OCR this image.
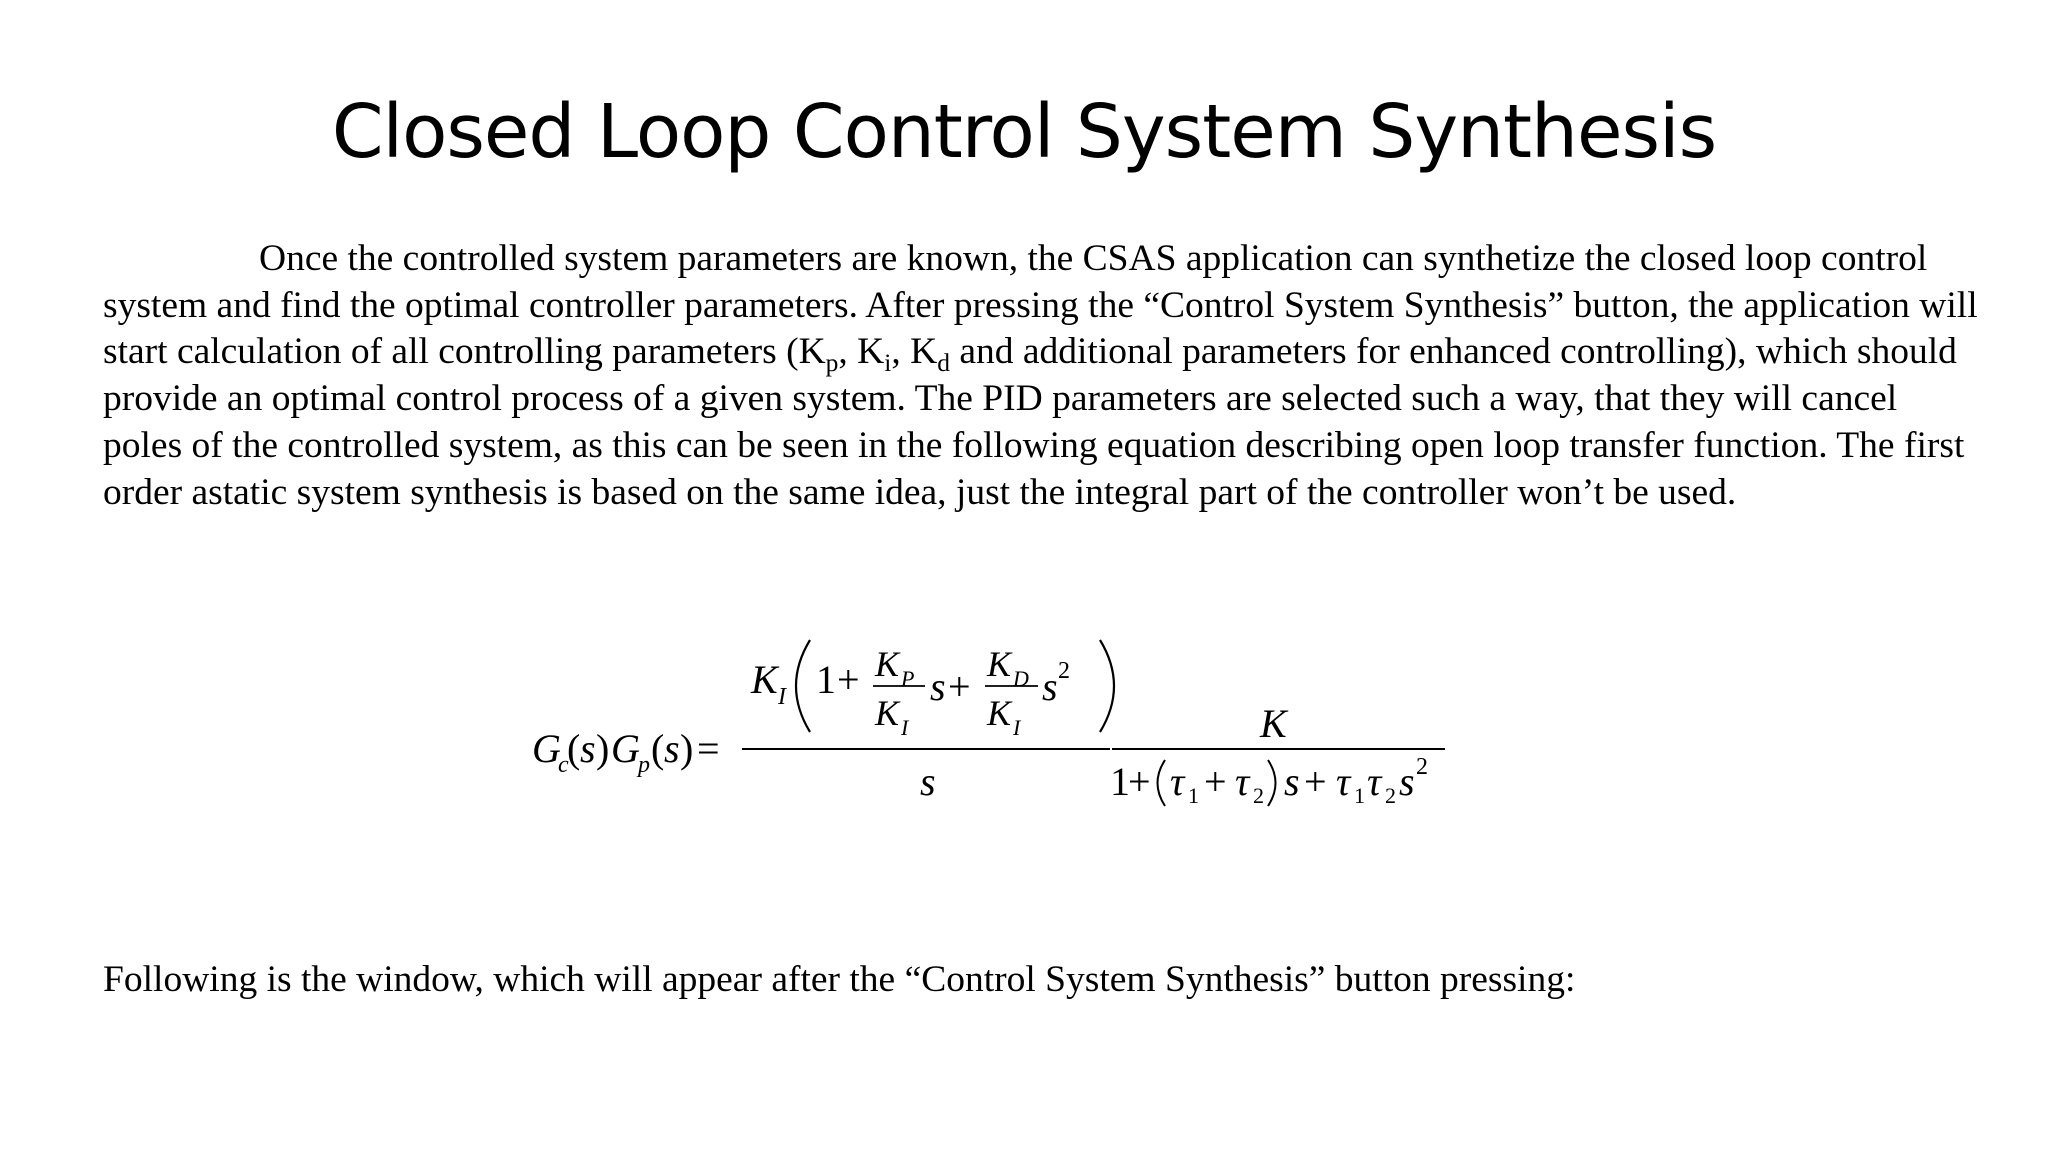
Closed Loop Control System Synthesis

Once the controlled system parameters are known, the CSAS application can synthetize the closed loop control system and find the optimal controller parameters. After pressing the “Control System Synthesis” button, the application will start calculation of all controlling parameters ($K_p$, $K_i$, $K_d$ and additional parameters for enhanced controlling), which should provide an optimal control process of a given system. The PID parameters are selected such a way, that they will cancel poles of the controlled system, as this can be seen in the following equation describing open loop transfer function. The first order astatic system synthesis is based on the same idea, just the integral part of the controller won’t be used.

G
c
( s ) G
p ( s ) =
K I 1 + K P
K I
s + K D
K I
s 2
s
K
1
+ τ 1 + τ 2 s + τ 1 τ 2 s 2

Following is the window, which will appear after the “Control System Synthesis” button pressing:
